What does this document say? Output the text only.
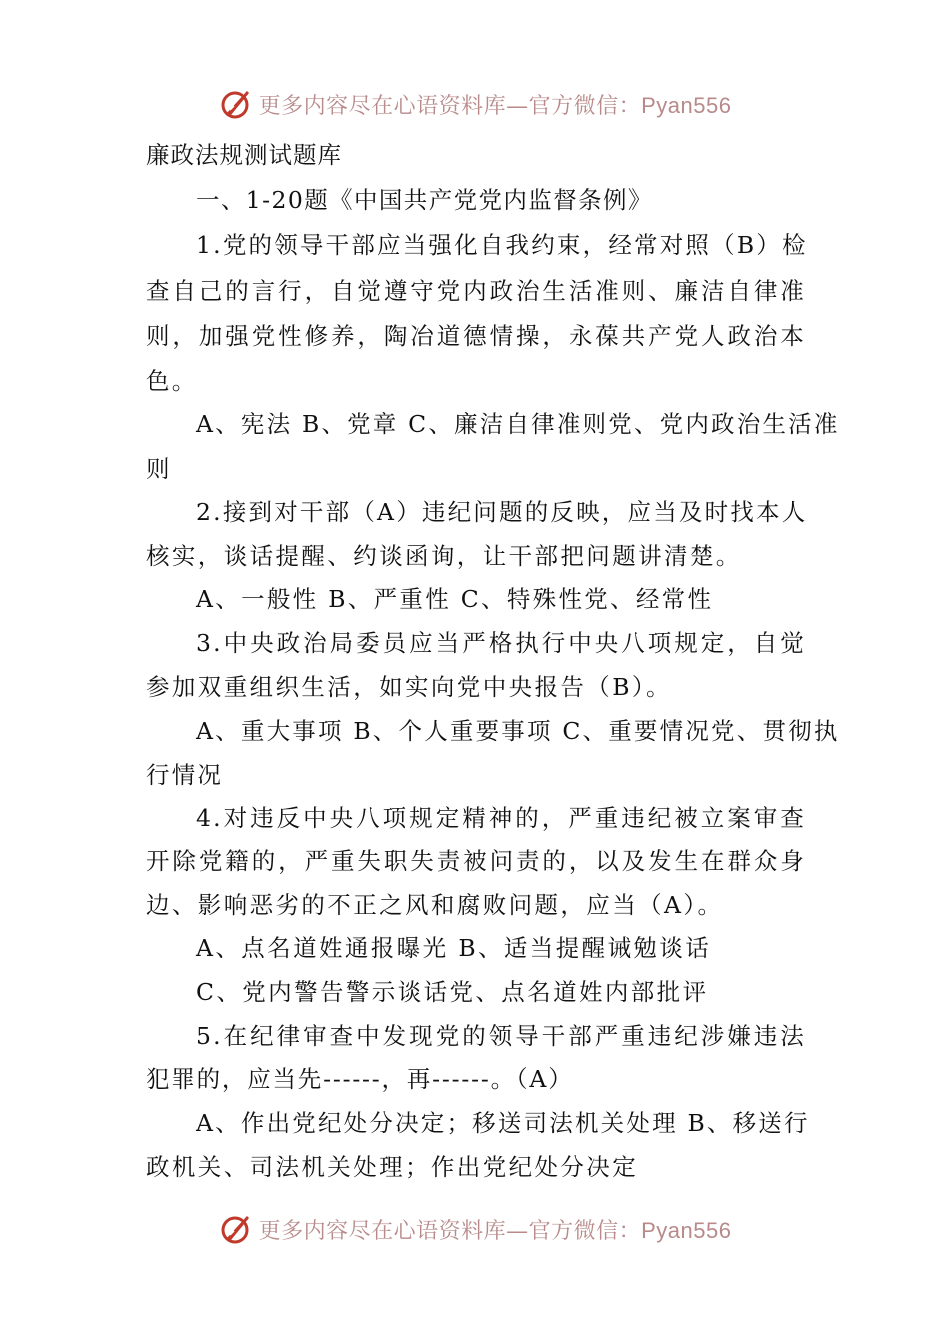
更多内容尽在心语资料库—官方微信：Pyan556
廉政法规测试题库
一、1-20题《中国共产党党内监督条例》
1.党的领导干部应当强化自我约束，经常对照（B）检
查自己的言行，自觉遵守党内政治生活准则、廉洁自律准
则，加强党性修养，陶冶道德情操，永葆共产党人政治本
色。
A、宪法 B、党章 C、廉洁自律准则党、党内政治生活准
则
2.接到对干部（A）违纪问题的反映，应当及时找本人
核实，谈话提醒、约谈函询，让干部把问题讲清楚。
A、一般性 B、严重性 C、特殊性党、经常性
3.中央政治局委员应当严格执行中央八项规定，自觉
参加双重组织生活，如实向党中央报告（B）。
A、重大事项 B、个人重要事项 C、重要情况党、贯彻执
行情况
4.对违反中央八项规定精神的，严重违纪被立案审查
开除党籍的，严重失职失责被问责的，以及发生在群众身
边、影响恶劣的不正之风和腐败问题，应当（A）。
A、点名道姓通报曝光 B、适当提醒诫勉谈话
C、党内警告警示谈话党、点名道姓内部批评
5.在纪律审查中发现党的领导干部严重违纪涉嫌违法
犯罪的，应当先------，再------。（A）
A、作出党纪处分决定；移送司法机关处理 B、移送行
政机关、司法机关处理；作出党纪处分决定
更多内容尽在心语资料库—官方微信：Pyan556
